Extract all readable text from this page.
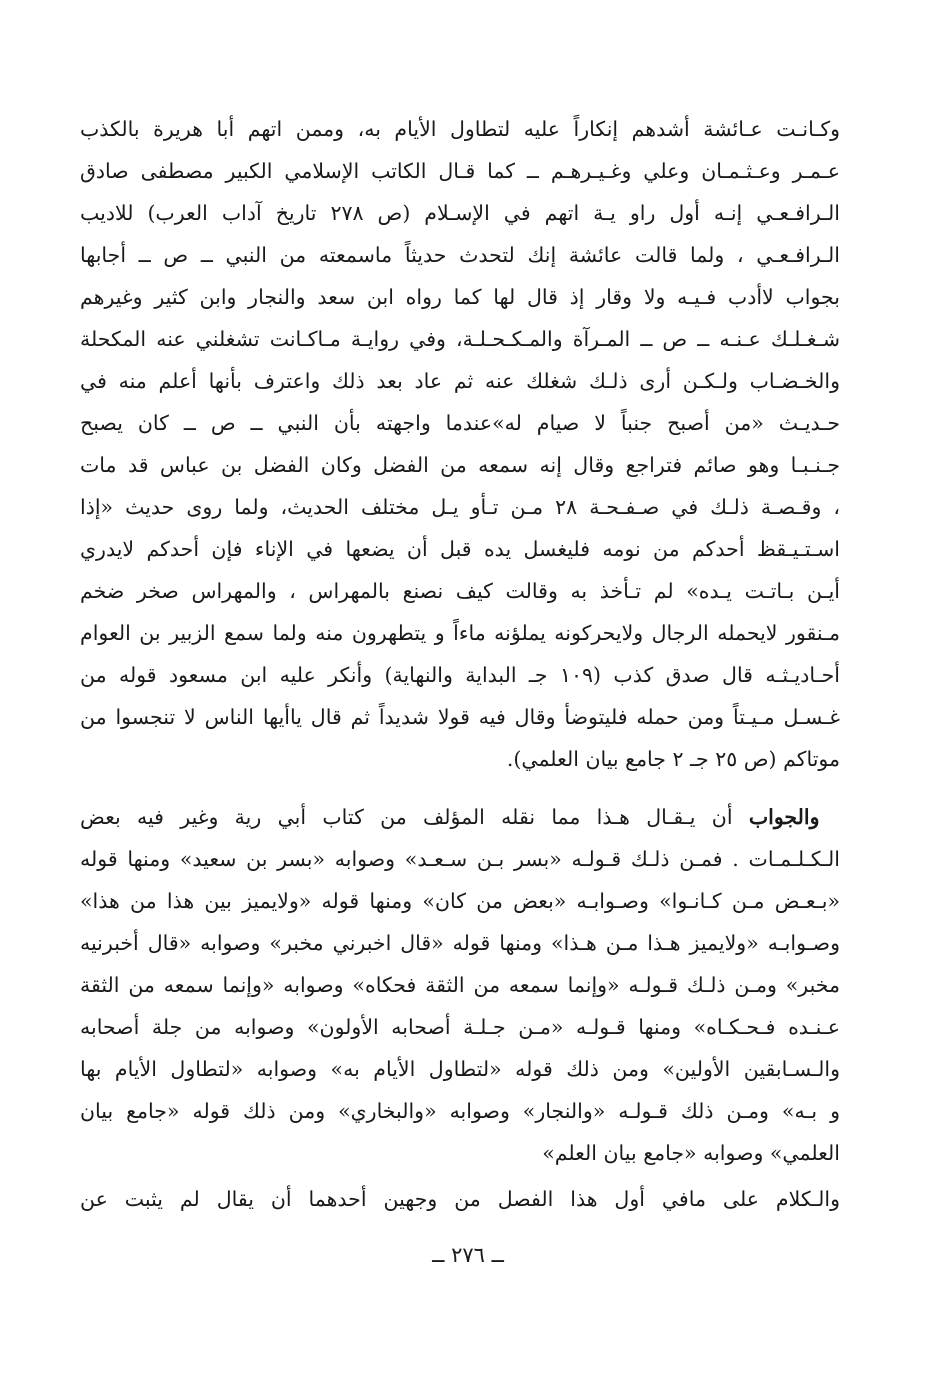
وكـانـت عـائشة أشدهم إنكاراً عليه لتطاول الأيام به، وممن اتهم أبا هريرة بالكذب
عـمـر وعـثـمـان وعلي وغـيـرهـم ــ كما قـال الكاتب الإسلامي الكبير مصطفى صادق
الـرافـعـي إنـه أول راو يـة اتهم في الإسـلام (ص ٢٧٨ تاريخ آداب العرب) للاديب
الـرافـعـي ، ولما قالت عائشة إنك لتحدث حديثاً ماسمعته من النبي ــ ص ــ أجابها
بجواب لاأدب فـيـه ولا وقار إذ قال لها كما رواه ابن سعد والنجار وابن كثير وغيرهم
شـغـلـك عـنـه ــ ص ــ المـرآة والمـكـحـلـة، وفي روايـة مـاكـانت تشغلني عنه المكحلة
والخـضـاب ولـكـن أرى ذلـك شغلك عنه ثم عاد بعد ذلك واعترف بأنها أعلم منه في
حـديـث «من أصبح جنباً لا صيام له»عندما واجهته بأن النبي ــ ص ــ كان يصبح
جـنـبـا وهو صائم فتراجع وقال إنه سمعه من الفضل وكان الفضل بن عباس قد مات
، وقـصـة ذلـك في صـفـحـة ٢٨ مـن تـأو يـل مختلف الحديث، ولما روى حديث «إذا
اسـتـيـقظ أحدكم من نومه فليغسل يده قبل أن يضعها في الإناء فإن أحدكم لايدري
أيـن بـاتـت يـده» لم تـأخذ به وقالت كيف نصنع بالمهراس ، والمهراس صخر ضخم
مـنقور لايحمله الرجال ولايحركونه يملؤنه ماءاً و يتطهرون منه ولما سمع الزبير بن العوام
أحـاديـثـه قال صدق كذب (١٠٩ جـ البداية والنهاية) وأنكر عليه ابن مسعود قوله من
غـسـل مـيـتاً ومن حمله فليتوضأ وقال فيه قولا شديداً ثم قال ياأيها الناس لا تنجسوا من
موتاكم (ص ٢٥ جـ ٢ جامع بيان العلمي).
 والجواب أن يـقـال هـذا مما نقله المؤلف من كتاب أبي رية وغير فيه بعض
الـكـلـمـات . فمـن ذلـك قـولـه «بسر بـن سـعـد» وصوابه «بسر بن سعيد» ومنها قوله
«بـعـض مـن كـانـوا» وصـوابـه «بعض من كان» ومنها قوله «ولايميز بين هذا من هذا»
وصـوابـه «ولايميز هـذا مـن هـذا» ومنها قوله «قال اخبرني مخبر» وصوابه «قال أخبرنيه
مخبر» ومـن ذلـك قـولـه «وإنما سمعه من الثقة فحكاه» وصوابه «وإنما سمعه من الثقة
عـنـده فـحـكـاه» ومنها قـولـه «مـن جـلـة أصحابه الأولون» وصوابه من جلة أصحابه
والـسـابقين الأولين» ومن ذلك قوله «لتطاول الأيام به» وصوابه «لتطاول الأيام بها
و بـه» ومـن ذلك قـولـه «والنجار» وصوابه «والبخاري» ومن ذلك قوله «جامع بيان
العلمي» وصوابه «جامع بيان العلم»
والـكلام على مافي أول هذا الفصل من وجهين أحدهما أن يقال لم يثبت عن
ــ ٢٧٦ ــ
